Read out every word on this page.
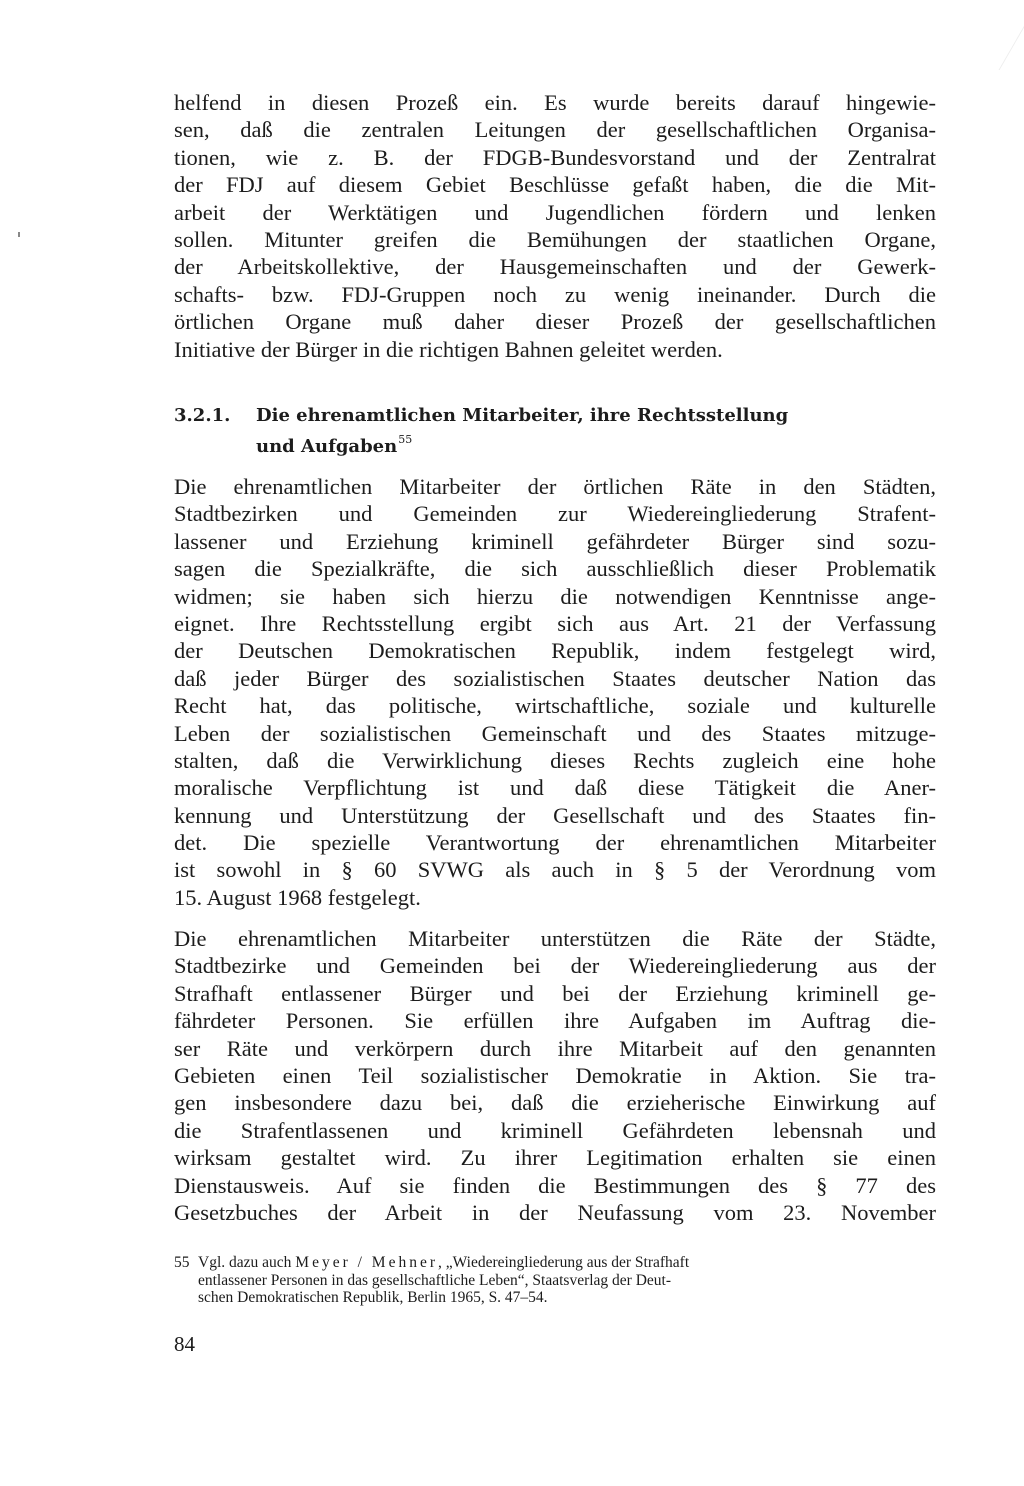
helfend in diesen Prozeß ein. Es wurde bereits darauf hingewie-
sen, daß die zentralen Leitungen der gesellschaftlichen Organisa-
tionen, wie z. B. der FDGB-Bundesvorstand und der Zentralrat
der FDJ auf diesem Gebiet Beschlüsse gefaßt haben, die die Mit-
arbeit der Werktätigen und Jugendlichen fördern und lenken
sollen. Mitunter greifen die Bemühungen der staatlichen Organe,
der Arbeitskollektive, der Hausgemeinschaften und der Gewerk-
schafts- bzw. FDJ-Gruppen noch zu wenig ineinander. Durch die
örtlichen Organe muß daher dieser Prozeß der gesellschaftlichen
Initiative der Bürger in die richtigen Bahnen geleitet werden.
3.2.1. Die ehrenamtlichen Mitarbeiter, ihre Rechtsstellung
und Aufgaben$^{55}$
Die ehrenamtlichen Mitarbeiter der örtlichen Räte in den Städten,
Stadtbezirken und Gemeinden zur Wiedereingliederung Strafent-
lassener und Erziehung kriminell gefährdeter Bürger sind sozu-
sagen die Spezialkräfte, die sich ausschließlich dieser Problematik
widmen; sie haben sich hierzu die notwendigen Kenntnisse ange-
eignet. Ihre Rechtsstellung ergibt sich aus Art. 21 der Verfassung
der Deutschen Demokratischen Republik, indem festgelegt wird,
daß jeder Bürger des sozialistischen Staates deutscher Nation das
Recht hat, das politische, wirtschaftliche, soziale und kulturelle
Leben der sozialistischen Gemeinschaft und des Staates mitzuge-
stalten, daß die Verwirklichung dieses Rechts zugleich eine hohe
moralische Verpflichtung ist und daß diese Tätigkeit die Aner-
kennung und Unterstützung der Gesellschaft und des Staates fin-
det. Die spezielle Verantwortung der ehrenamtlichen Mitarbeiter
ist sowohl in § 60 SVWG als auch in § 5 der Verordnung vom
15. August 1968 festgelegt.
Die ehrenamtlichen Mitarbeiter unterstützen die Räte der Städte,
Stadtbezirke und Gemeinden bei der Wiedereingliederung aus der
Strafhaft entlassener Bürger und bei der Erziehung kriminell ge-
fährdeter Personen. Sie erfüllen ihre Aufgaben im Auftrag die-
ser Räte und verkörpern durch ihre Mitarbeit auf den genannten
Gebieten einen Teil sozialistischer Demokratie in Aktion. Sie tra-
gen insbesondere dazu bei, daß die erzieherische Einwirkung auf
die Strafentlassenen und kriminell Gefährdeten lebensnah und
wirksam gestaltet wird. Zu ihrer Legitimation erhalten sie einen
Dienstausweis. Auf sie finden die Bestimmungen des § 77 des
Gesetzbuches der Arbeit in der Neufassung vom 23. November
55 Vgl. dazu auch Meyer / Mehner, „Wiedereingliederung aus der Strafhaft
entlassener Personen in das gesellschaftliche Leben“, Staatsverlag der Deut-
schen Demokratischen Republik, Berlin 1965, S. 47–54.
84
